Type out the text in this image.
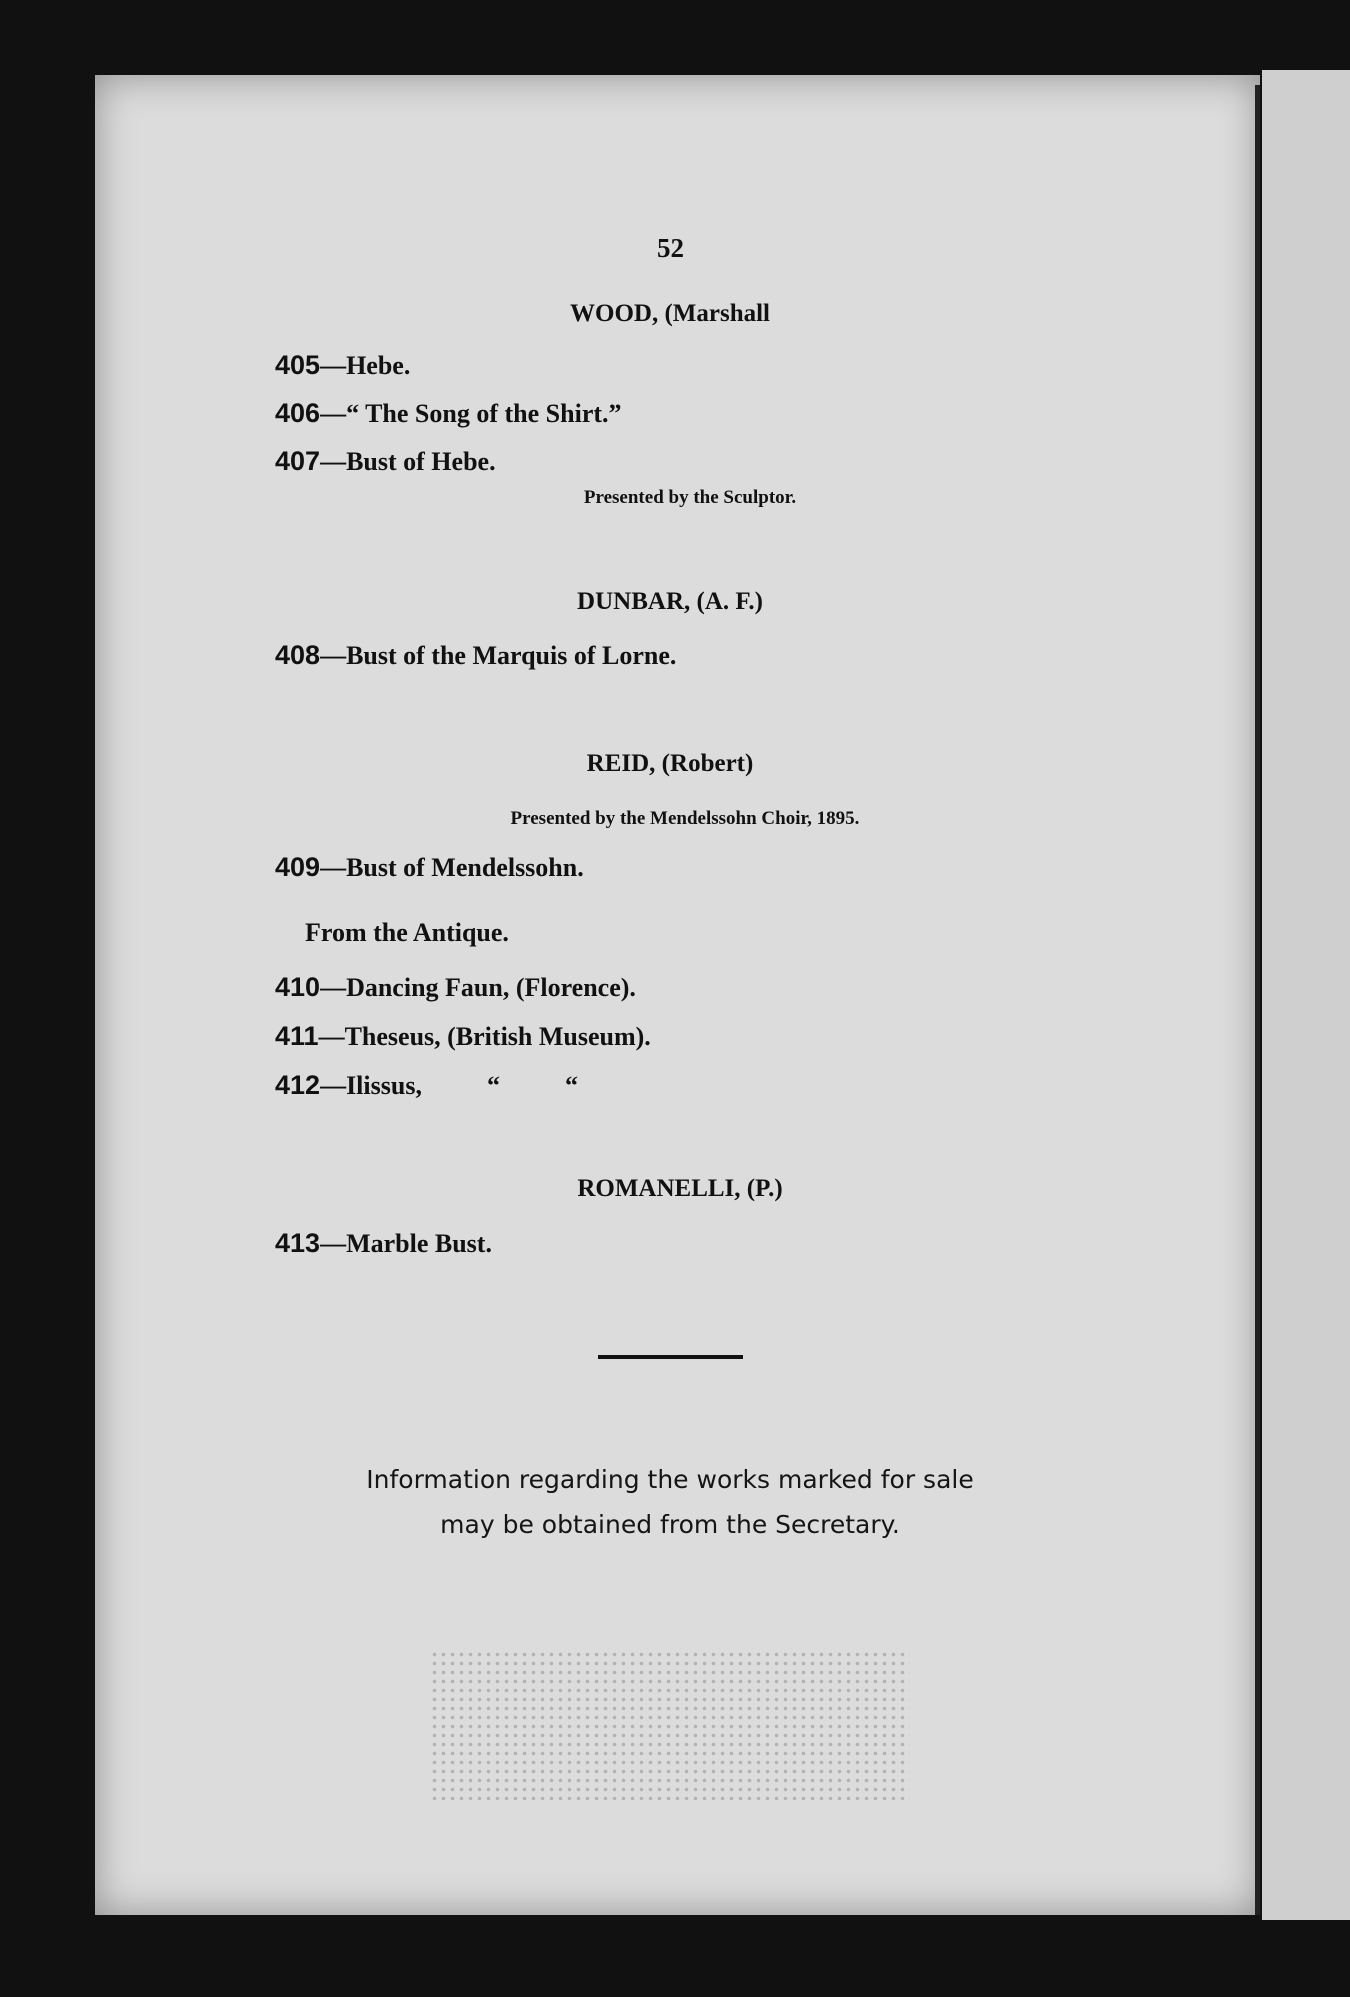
52
WOOD, (Marshall
405—Hebe.
406—“ The Song of the Shirt.”
407—Bust of Hebe.
Presented by the Sculptor.
DUNBAR, (A. F.)
408—Bust of the Marquis of Lorne.
REID, (Robert)
Presented by the Mendelssohn Choir, 1895.
409—Bust of Mendelssohn.
From the Antique.
410—Dancing Faun, (Florence).
411—Theseus, (British Museum).
412—Ilissus,          “          “
ROMANELLI, (P.)
413—Marble Bust.
Information regarding the works marked for sale
may be obtained from the Secretary.
